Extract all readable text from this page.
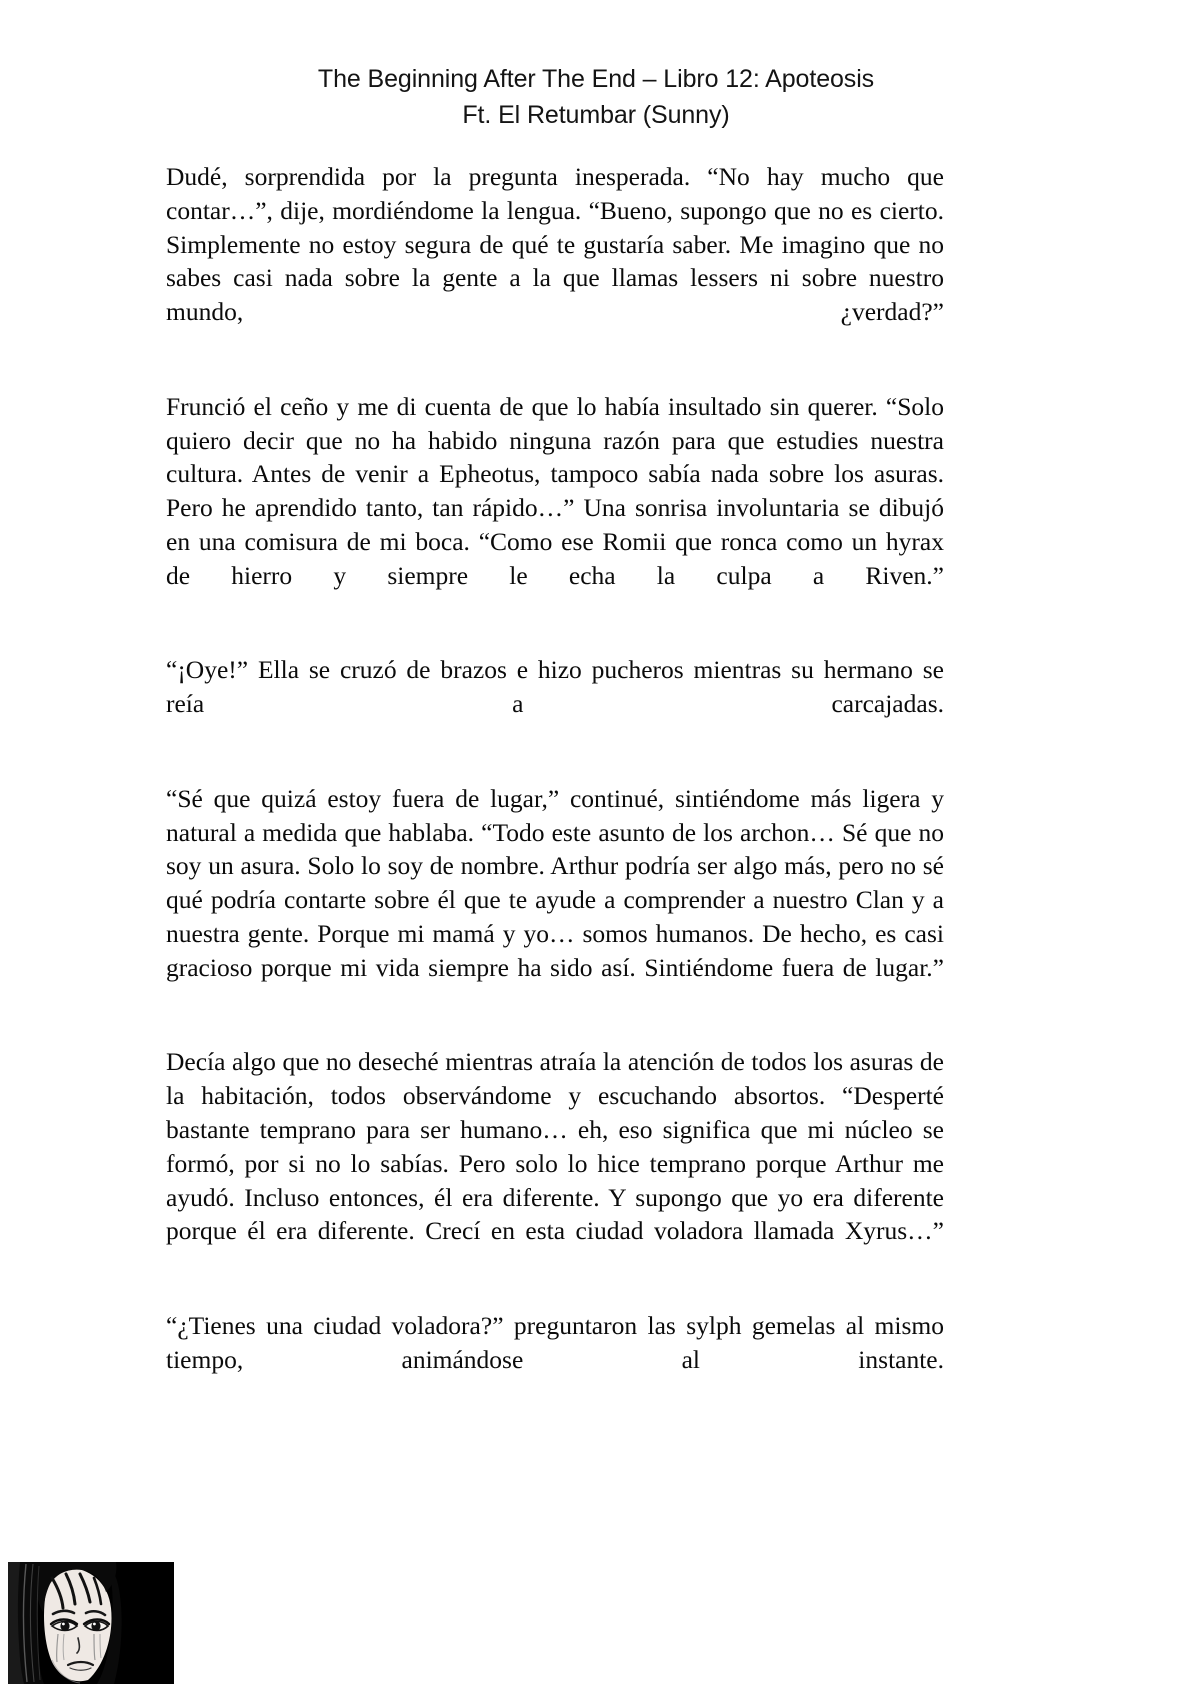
The Beginning After The End – Libro 12: Apoteosis
Ft. El Retumbar (Sunny)

Dudé, sorprendida por la pregunta inesperada. “No hay mucho que contar…”, dije, mordiéndome la lengua. “Bueno, supongo que no es cierto. Simplemente no estoy segura de qué te gustaría saber. Me imagino que no sabes casi nada sobre la gente a la que llamas lessers ni sobre nuestro mundo, ¿verdad?”

Frunció el ceño y me di cuenta de que lo había insultado sin querer. “Solo quiero decir que no ha habido ninguna razón para que estudies nuestra cultura. Antes de venir a Epheotus, tampoco sabía nada sobre los asuras. Pero he aprendido tanto, tan rápido…” Una sonrisa involuntaria se dibujó en una comisura de mi boca. “Como ese Romii que ronca como un hyrax de hierro y siempre le echa la culpa a Riven.”

“¡Oye!” Ella se cruzó de brazos e hizo pucheros mientras su hermano se reía a carcajadas.

“Sé que quizá estoy fuera de lugar,” continué, sintiéndome más ligera y natural a medida que hablaba. “Todo este asunto de los archon… Sé que no soy un asura. Solo lo soy de nombre. Arthur podría ser algo más, pero no sé qué podría contarte sobre él que te ayude a comprender a nuestro Clan y a nuestra gente. Porque mi mamá y yo… somos humanos. De hecho, es casi gracioso porque mi vida siempre ha sido así. Sintiéndome fuera de lugar.”

Decía algo que no deseché mientras atraía la atención de todos los asuras de la habitación, todos observándome y escuchando absortos. “Desperté bastante temprano para ser humano… eh, eso significa que mi núcleo se formó, por si no lo sabías. Pero solo lo hice temprano porque Arthur me ayudó. Incluso entonces, él era diferente. Y supongo que yo era diferente porque él era diferente. Crecí en esta ciudad voladora llamada Xyrus…”

“¿Tienes una ciudad voladora?” preguntaron las sylph gemelas al mismo tiempo, animándose al instante.
